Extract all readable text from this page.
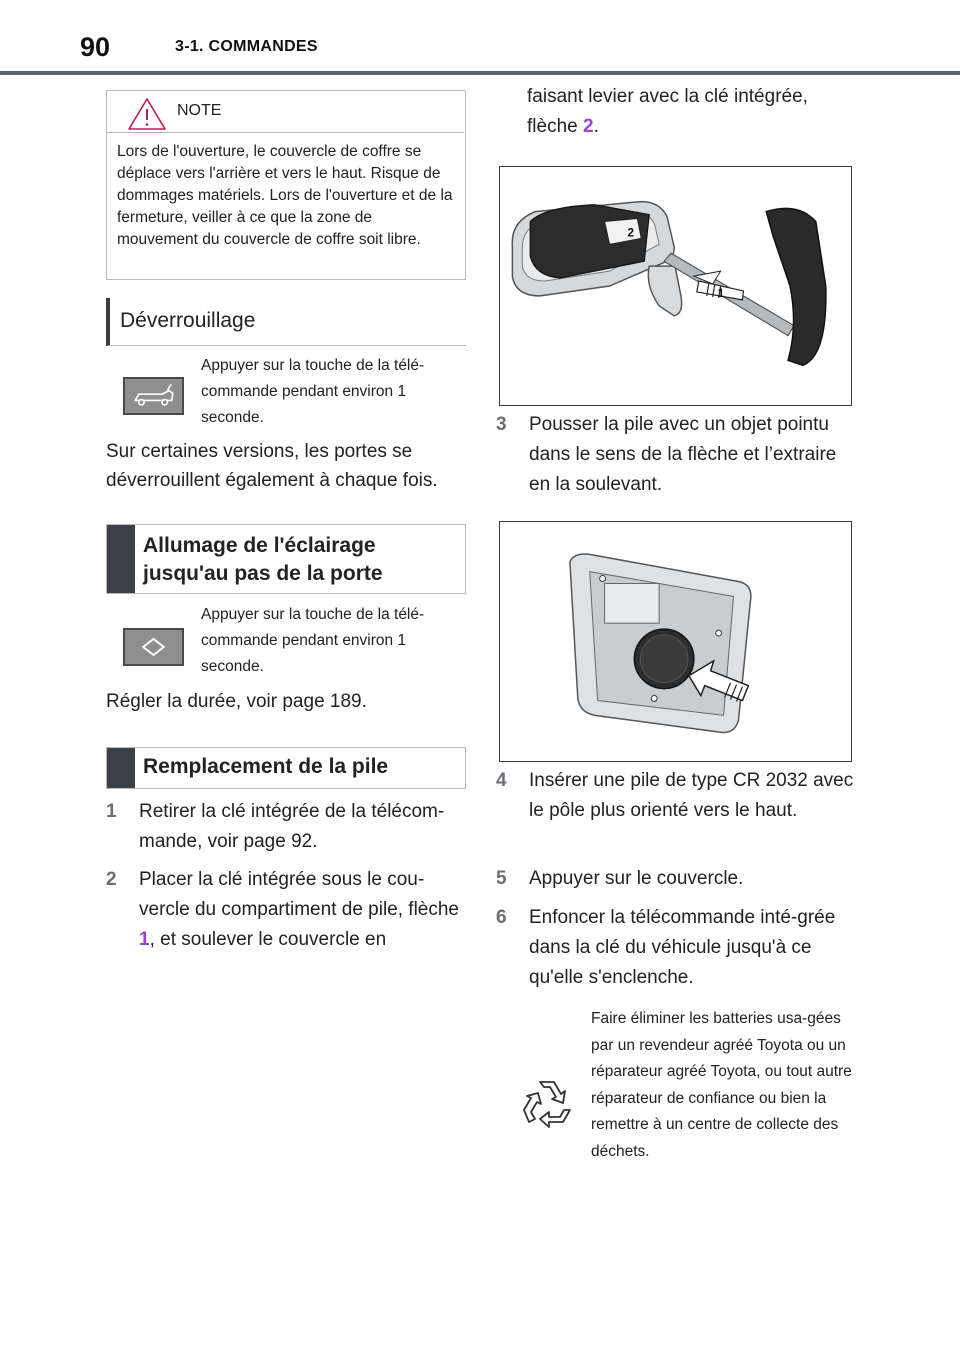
90	3-1. COMMANDES
NOTE
Lors de l'ouverture, le couvercle de coffre se déplace vers l'arrière et vers le haut. Risque de dommages matériels. Lors de l'ouverture et de la fermeture, veiller à ce que la zone de mouvement du couvercle de coffre soit libre.
Déverrouillage
Appuyer sur la touche de la télé-commande pendant environ 1 seconde.
Sur certaines versions, les portes se déverrouillent également à chaque fois.
Allumage de l'éclairage jusqu'au pas de la porte
Appuyer sur la touche de la télé-commande pendant environ 1 seconde.
Régler la durée, voir page 189.
Remplacement de la pile
1 Retirer la clé intégrée de la télécom-mande, voir page 92.
2 Placer la clé intégrée sous le cou-vercle du compartiment de pile, flèche 1, et soulever le couvercle en
faisant levier avec la clé intégrée, flèche 2.
1
2
3 Pousser la pile avec un objet pointu dans le sens de la flèche et l’extraire en la soulevant.
4 Insérer une pile de type CR 2032 avec le pôle plus orienté vers le haut.
5 Appuyer sur le couvercle.
6 Enfoncer la télécommande inté-grée dans la clé du véhicule jusqu'à ce qu'elle s'enclenche.
Faire éliminer les batteries usa-gées par un revendeur agréé Toyota ou un réparateur agréé Toyota, ou tout autre réparateur de confiance ou bien la remettre à un centre de collecte des déchets.
